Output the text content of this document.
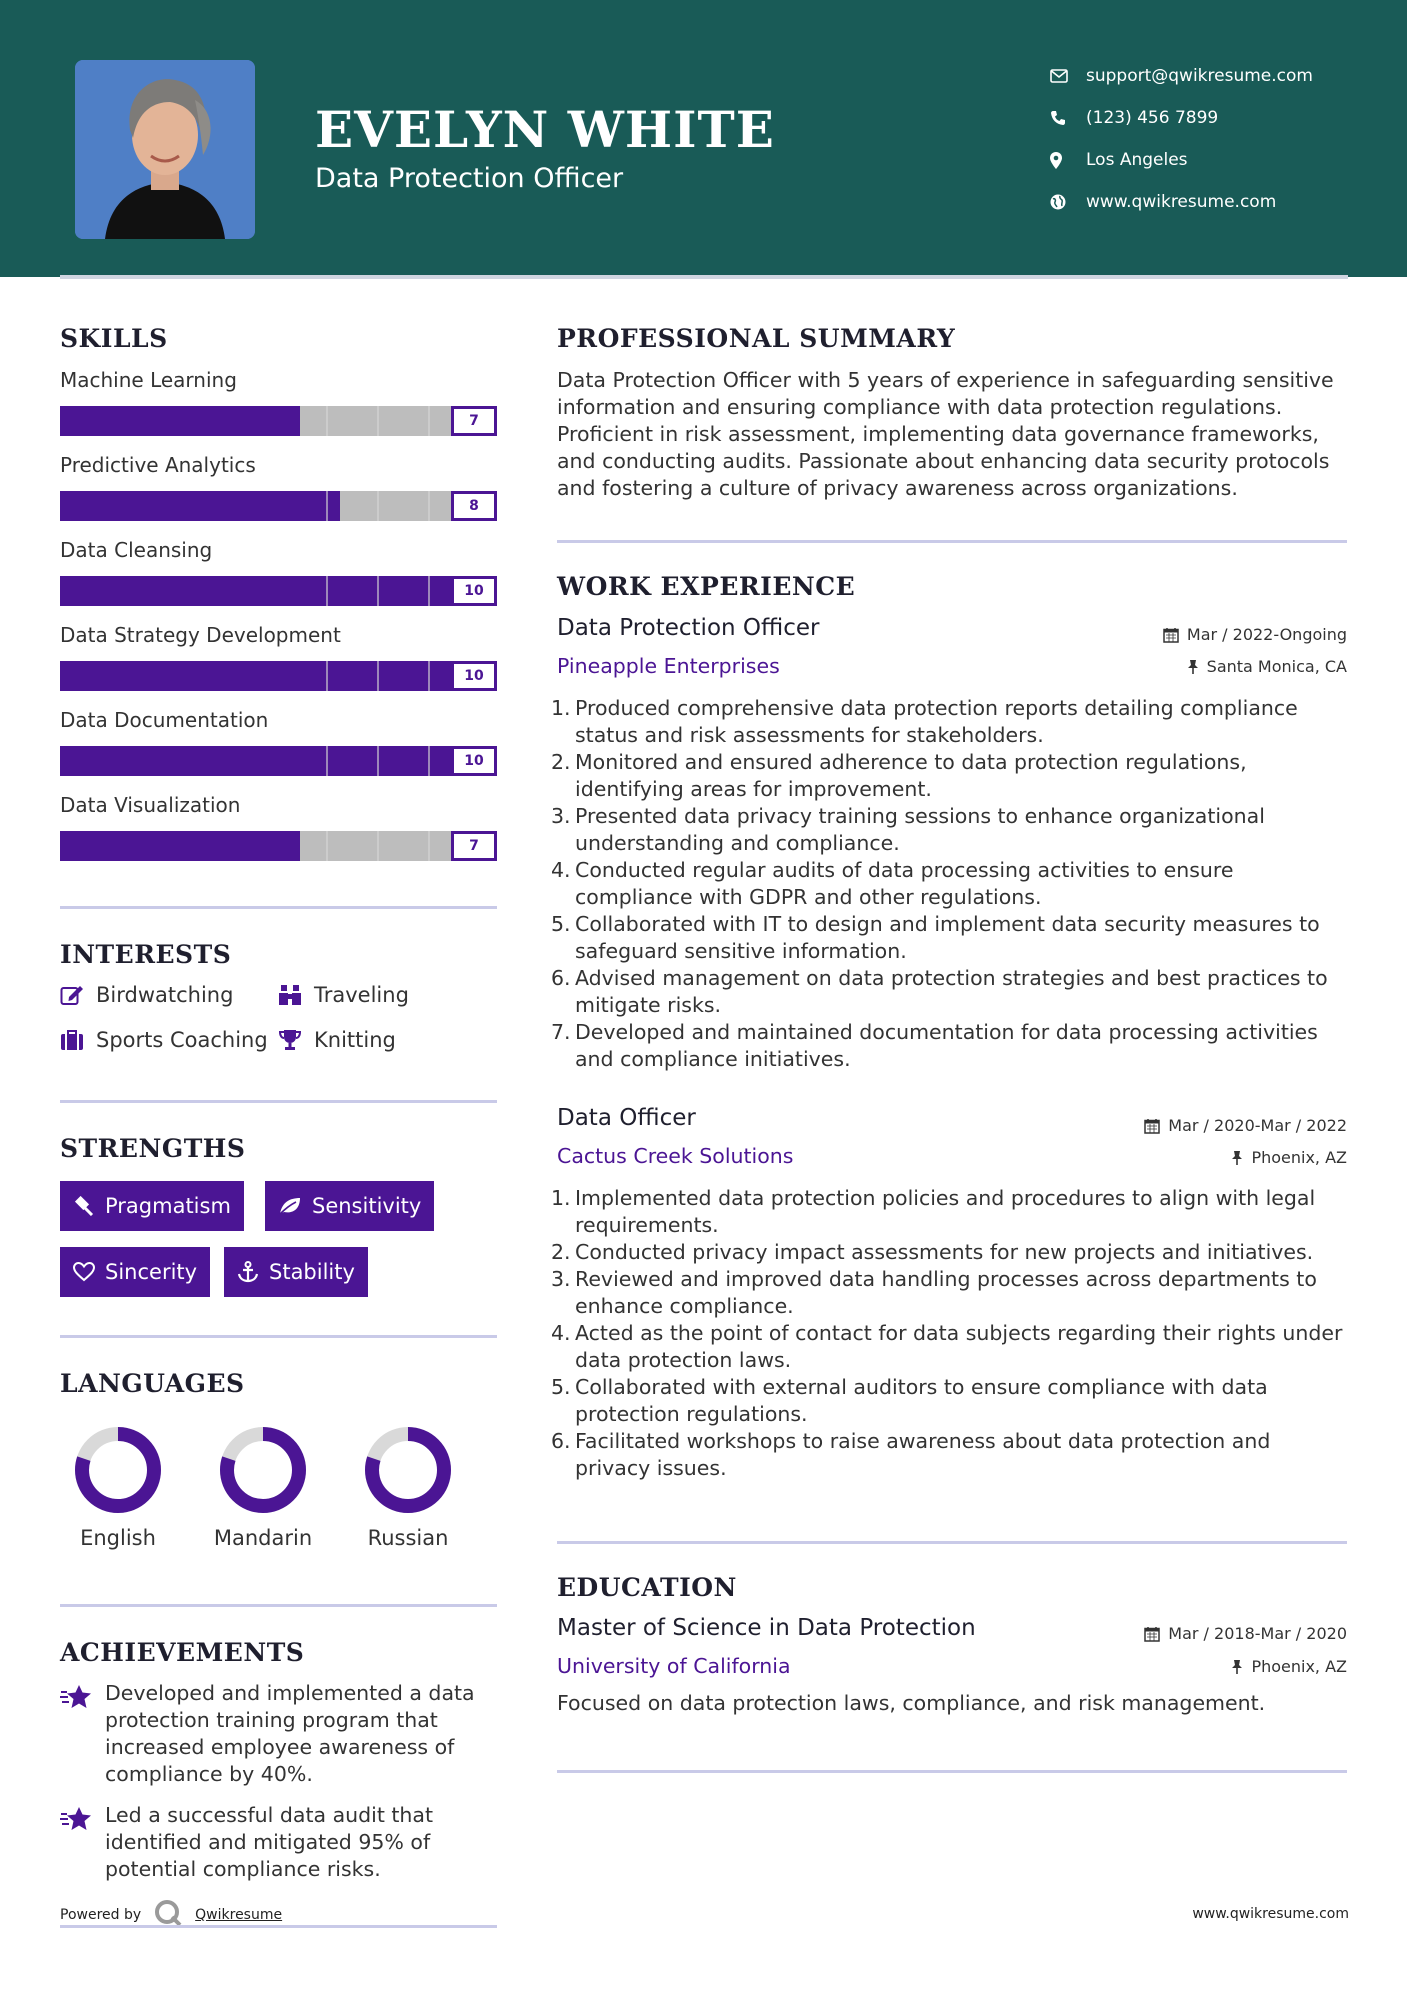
EVELYN WHITE
Data Protection Officer
support@qwikresume.com
(123) 456 7899
Los Angeles
www.qwikresume.com
SKILLS
Machine Learning
7
Predictive Analytics
8
Data Cleansing
10
Data Strategy Development
10
Data Documentation
10
Data Visualization
7
INTERESTS
Birdwatching	Traveling
Sports Coaching Knitting
STRENGTHS
Pragmatism	Sensitivity
Sincerity	Stability
LANGUAGES
English	Mandarin	Russian
ACHIEVEMENTS
Developed and implemented a data protection training program that increased employee awareness of compliance by 40%.
Led a successful data audit that identified and mitigated 95% of potential compliance risks.
PROFESSIONAL SUMMARY
Data Protection Officer with 5 years of experience in safeguarding sensitive information and ensuring compliance with data protection regulations. Proficient in risk assessment, implementing data governance frameworks, and conducting audits. Passionate about enhancing data security protocols and fostering a culture of privacy awareness across organizations.
WORK EXPERIENCE
Data Protection Officer	Mar / 2022-Ongoing
Pineapple Enterprises	Santa Monica, CA
1. Produced comprehensive data protection reports detailing compliance status and risk assessments for stakeholders.
2. Monitored and ensured adherence to data protection regulations, identifying areas for improvement.
3. Presented data privacy training sessions to enhance organizational understanding and compliance.
4. Conducted regular audits of data processing activities to ensure compliance with GDPR and other regulations.
5. Collaborated with IT to design and implement data security measures to safeguard sensitive information.
6. Advised management on data protection strategies and best practices to mitigate risks.
7. Developed and maintained documentation for data processing activities and compliance initiatives.
Data Officer	Mar / 2020-Mar / 2022
Cactus Creek Solutions	Phoenix, AZ
1. Implemented data protection policies and procedures to align with legal requirements.
2. Conducted privacy impact assessments for new projects and initiatives.
3. Reviewed and improved data handling processes across departments to enhance compliance.
4. Acted as the point of contact for data subjects regarding their rights under data protection laws.
5. Collaborated with external auditors to ensure compliance with data protection regulations.
6. Facilitated workshops to raise awareness about data protection and privacy issues.
EDUCATION
Master of Science in Data Protection	Mar / 2018-Mar / 2020
University of California	Phoenix, AZ
Focused on data protection laws, compliance, and risk management.
Powered by	Qwikresume	www.qwikresume.com
